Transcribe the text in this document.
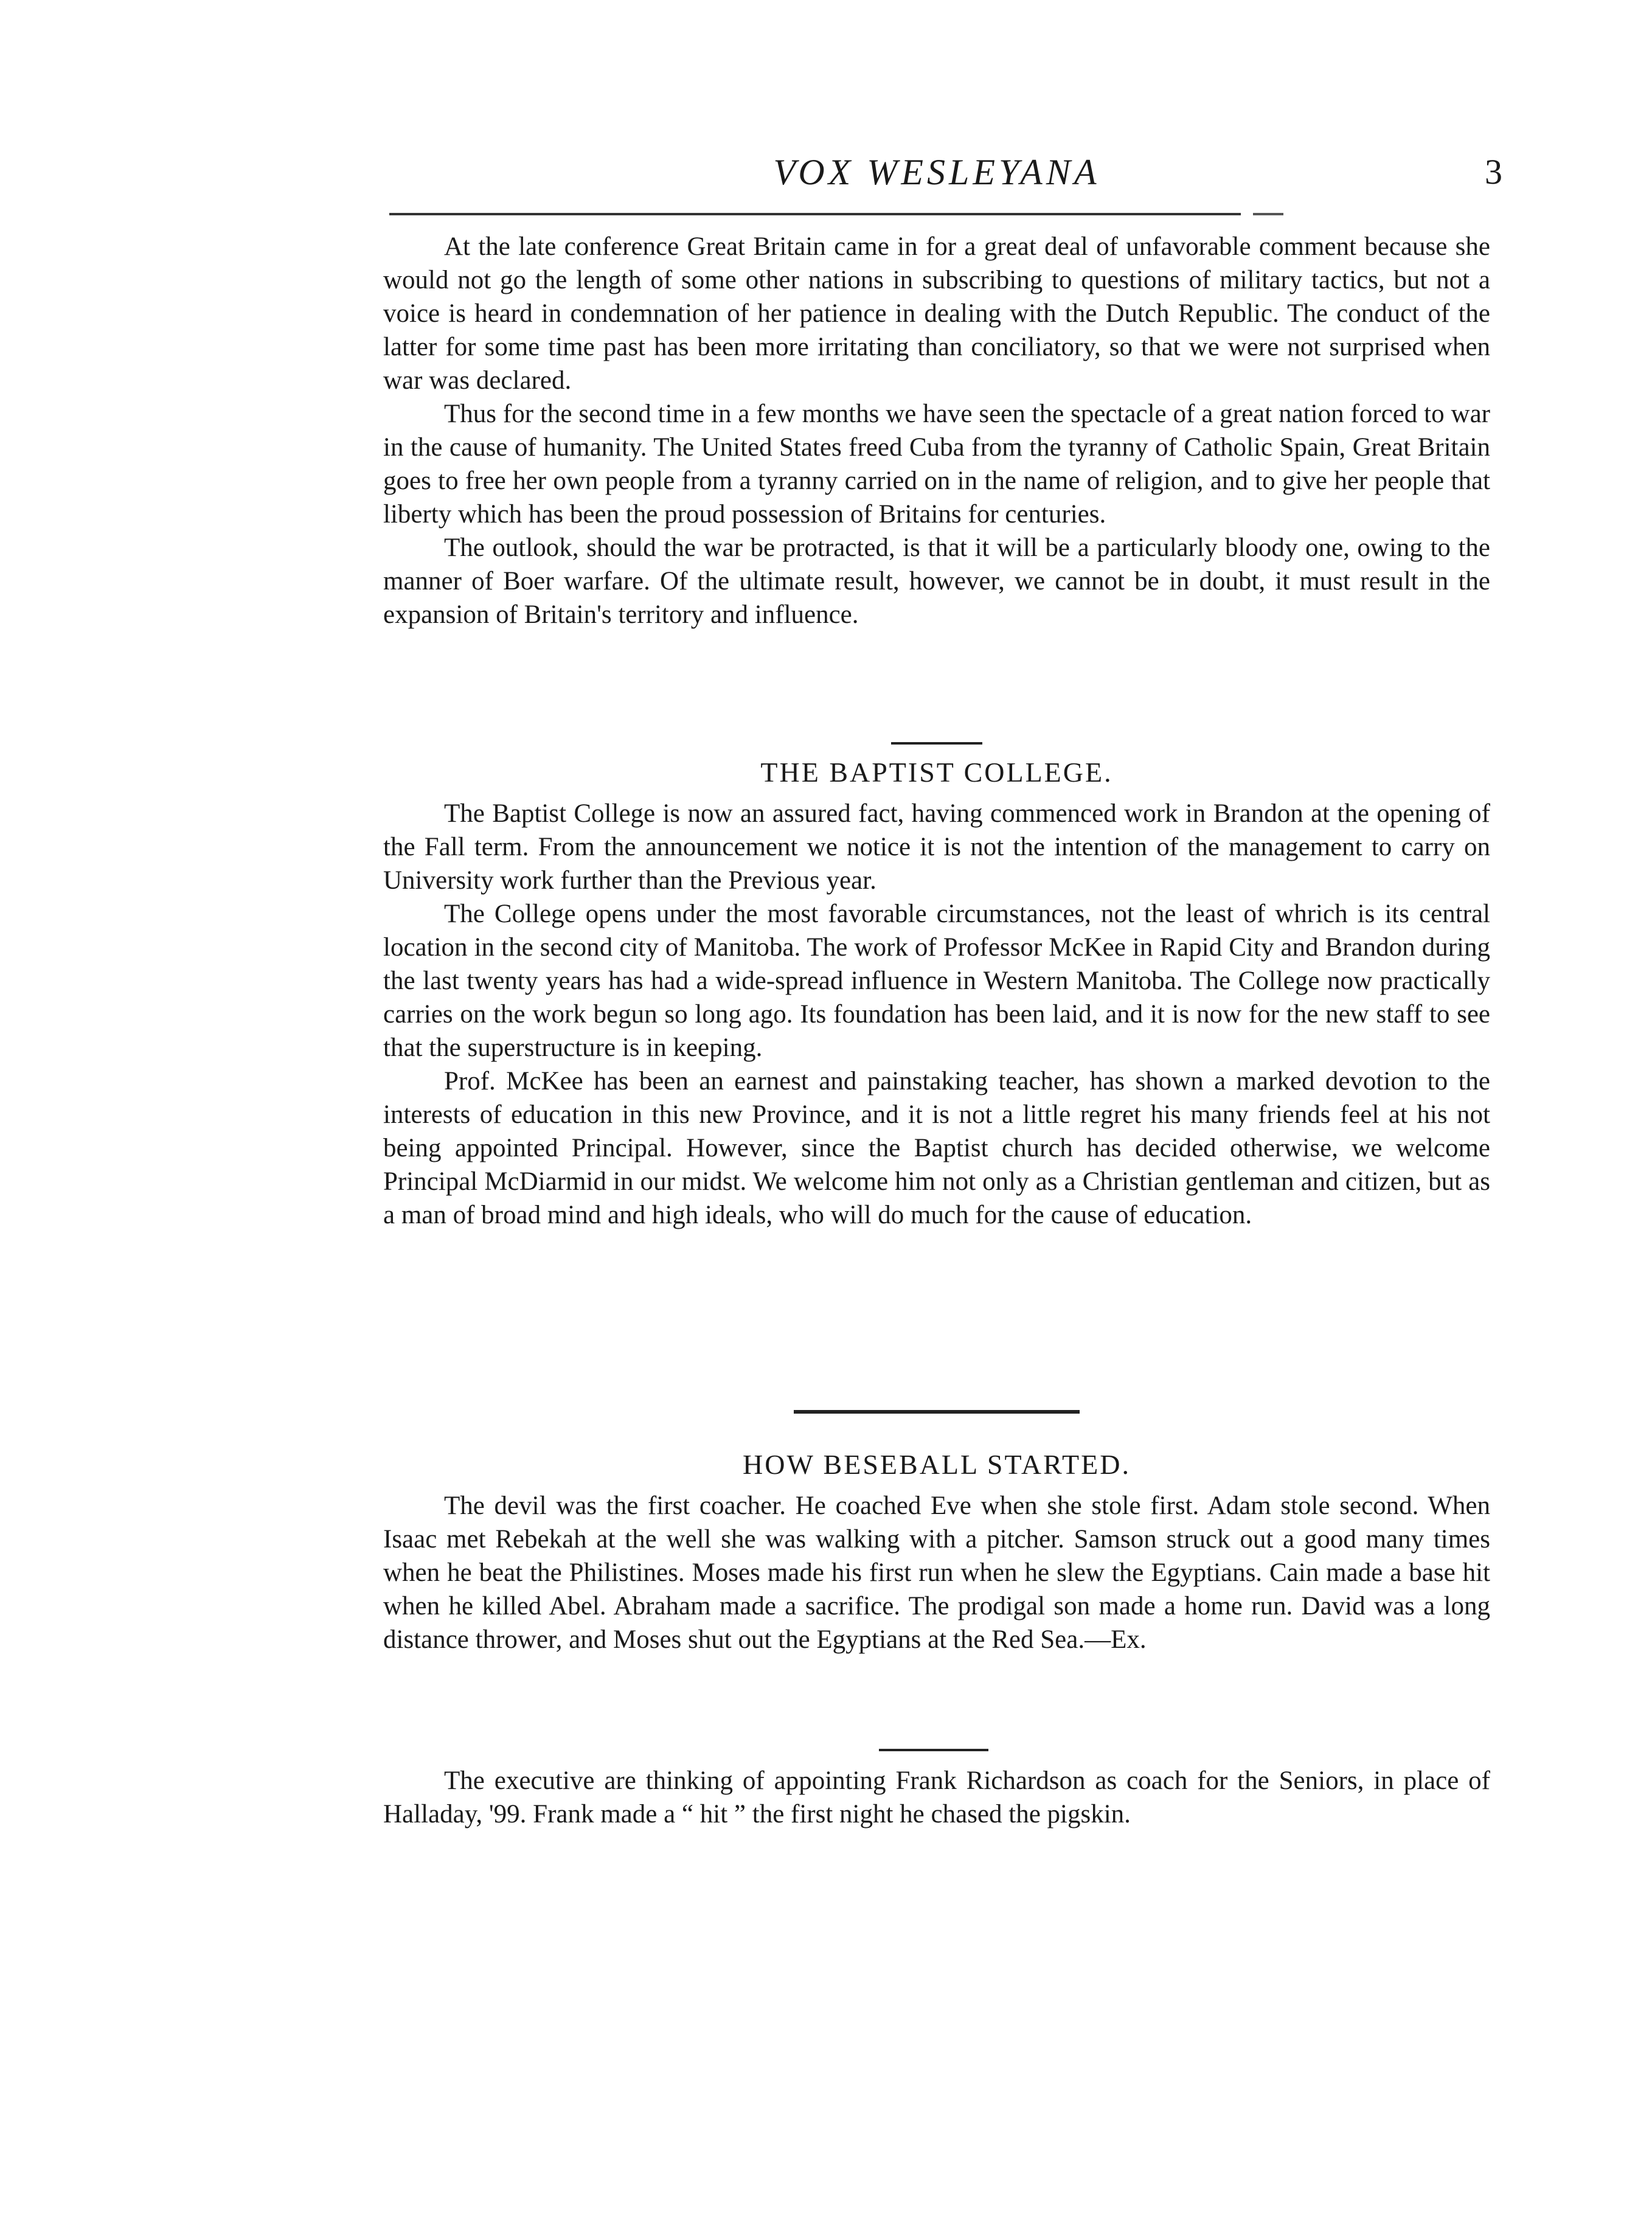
VOX WESLEYANA	3

At the late conference Great Britain came in for a great deal of unfavorable comment because she would not go the length of some other nations in subscribing to questions of military tactics, but not a voice is heard in condemnation of her patience in dealing with the Dutch Republic. The conduct of the latter for some time past has been more irritating than conciliatory, so that we were not surprised when war was declared.

Thus for the second time in a few months we have seen the spectacle of a great nation forced to war in the cause of humanity. The United States freed Cuba from the tyranny of Catholic Spain, Great Britain goes to free her own people from a tyranny carried on in the name of religion, and to give her people that liberty which has been the proud possession of Britains for centuries.

The outlook, should the war be protracted, is that it will be a particularly bloody one, owing to the manner of Boer warfare. Of the ultimate result, however, we cannot be in doubt, it must result in the expansion of Britain's territory and influence.

THE BAPTIST COLLEGE.

The Baptist College is now an assured fact, having commenced work in Brandon at the opening of the Fall term. From the announcement we notice it is not the intention of the management to carry on University work further than the Previous year.

The College opens under the most favorable circumstances, not the least of whrich is its central location in the second city of Manitoba. The work of Professor McKee in Rapid City and Brandon during the last twenty years has had a wide-spread influence in Western Manitoba. The College now practically carries on the work begun so long ago. Its foundation has been laid, and it is now for the new staff to see that the superstructure is in keeping.

Prof. McKee has been an earnest and painstaking teacher, has shown a marked devotion to the interests of education in this new Province, and it is not a little regret his many friends feel at his not being appointed Principal. However, since the Baptist church has decided otherwise, we welcome Principal McDiarmid in our midst. We welcome him not only as a Christian gentleman and citizen, but as a man of broad mind and high ideals, who will do much for the cause of education.

HOW BESEBALL STARTED.

The devil was the first coacher. He coached Eve when she stole first. Adam stole second. When Isaac met Rebekah at the well she was walking with a pitcher. Samson struck out a good many times when he beat the Philistines. Moses made his first run when he slew the Egyptians. Cain made a base hit when he killed Abel. Abraham made a sacrifice. The prodigal son made a home run. David was a long distance thrower, and Moses shut out the Egyptians at the Red Sea.—Ex.

The executive are thinking of appointing Frank Richardson as coach for the Seniors, in place of Halladay, '99. Frank made a “ hit ” the first night he chased the pigskin.
